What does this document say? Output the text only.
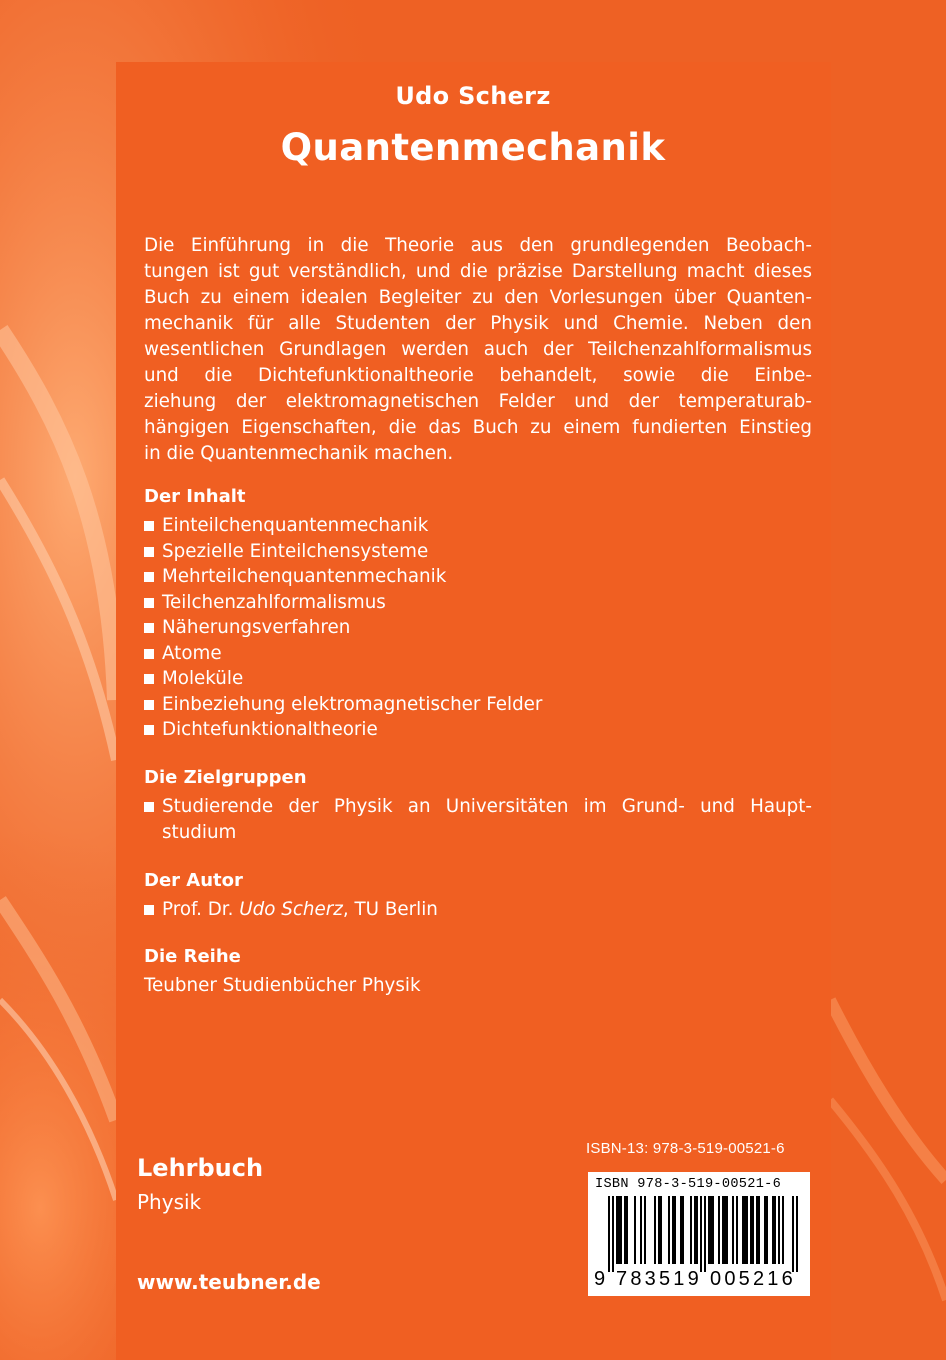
Udo Scherz
Quantenmechanik
Die Einführung in die Theorie aus den grundlegenden Beobach-
tungen ist gut verständlich, und die präzise Darstellung macht dieses
Buch zu einem idealen Begleiter zu den Vorlesungen über Quanten-
mechanik für alle Studenten der Physik und Chemie. Neben den
wesentlichen Grundlagen werden auch der Teilchenzahlformalismus
und die Dichtefunktionaltheorie behandelt, sowie die Einbe-
ziehung der elektromagnetischen Felder und der temperaturab-
hängigen Eigenschaften, die das Buch zu einem fundierten Einstieg
in die Quantenmechanik machen.
Der Inhalt
Einteilchenquantenmechanik
Spezielle Einteilchensysteme
Mehrteilchenquantenmechanik
Teilchenzahlformalismus
Näherungsverfahren
Atome
Moleküle
Einbeziehung elektromagnetischer Felder
Dichtefunktionaltheorie
Die Zielgruppen
Studierende der Physik an Universitäten im Grund- und Haupt-
studium
Der Autor
Prof. Dr. Udo Scherz, TU Berlin
Die Reihe

Teubner Studienbücher Physik

ISBN-13: 978-3-519-00521-6
ISBN 978-3-519-00521-6
9 783519 005216
Lehrbuch
Physik
www.teubner.de
